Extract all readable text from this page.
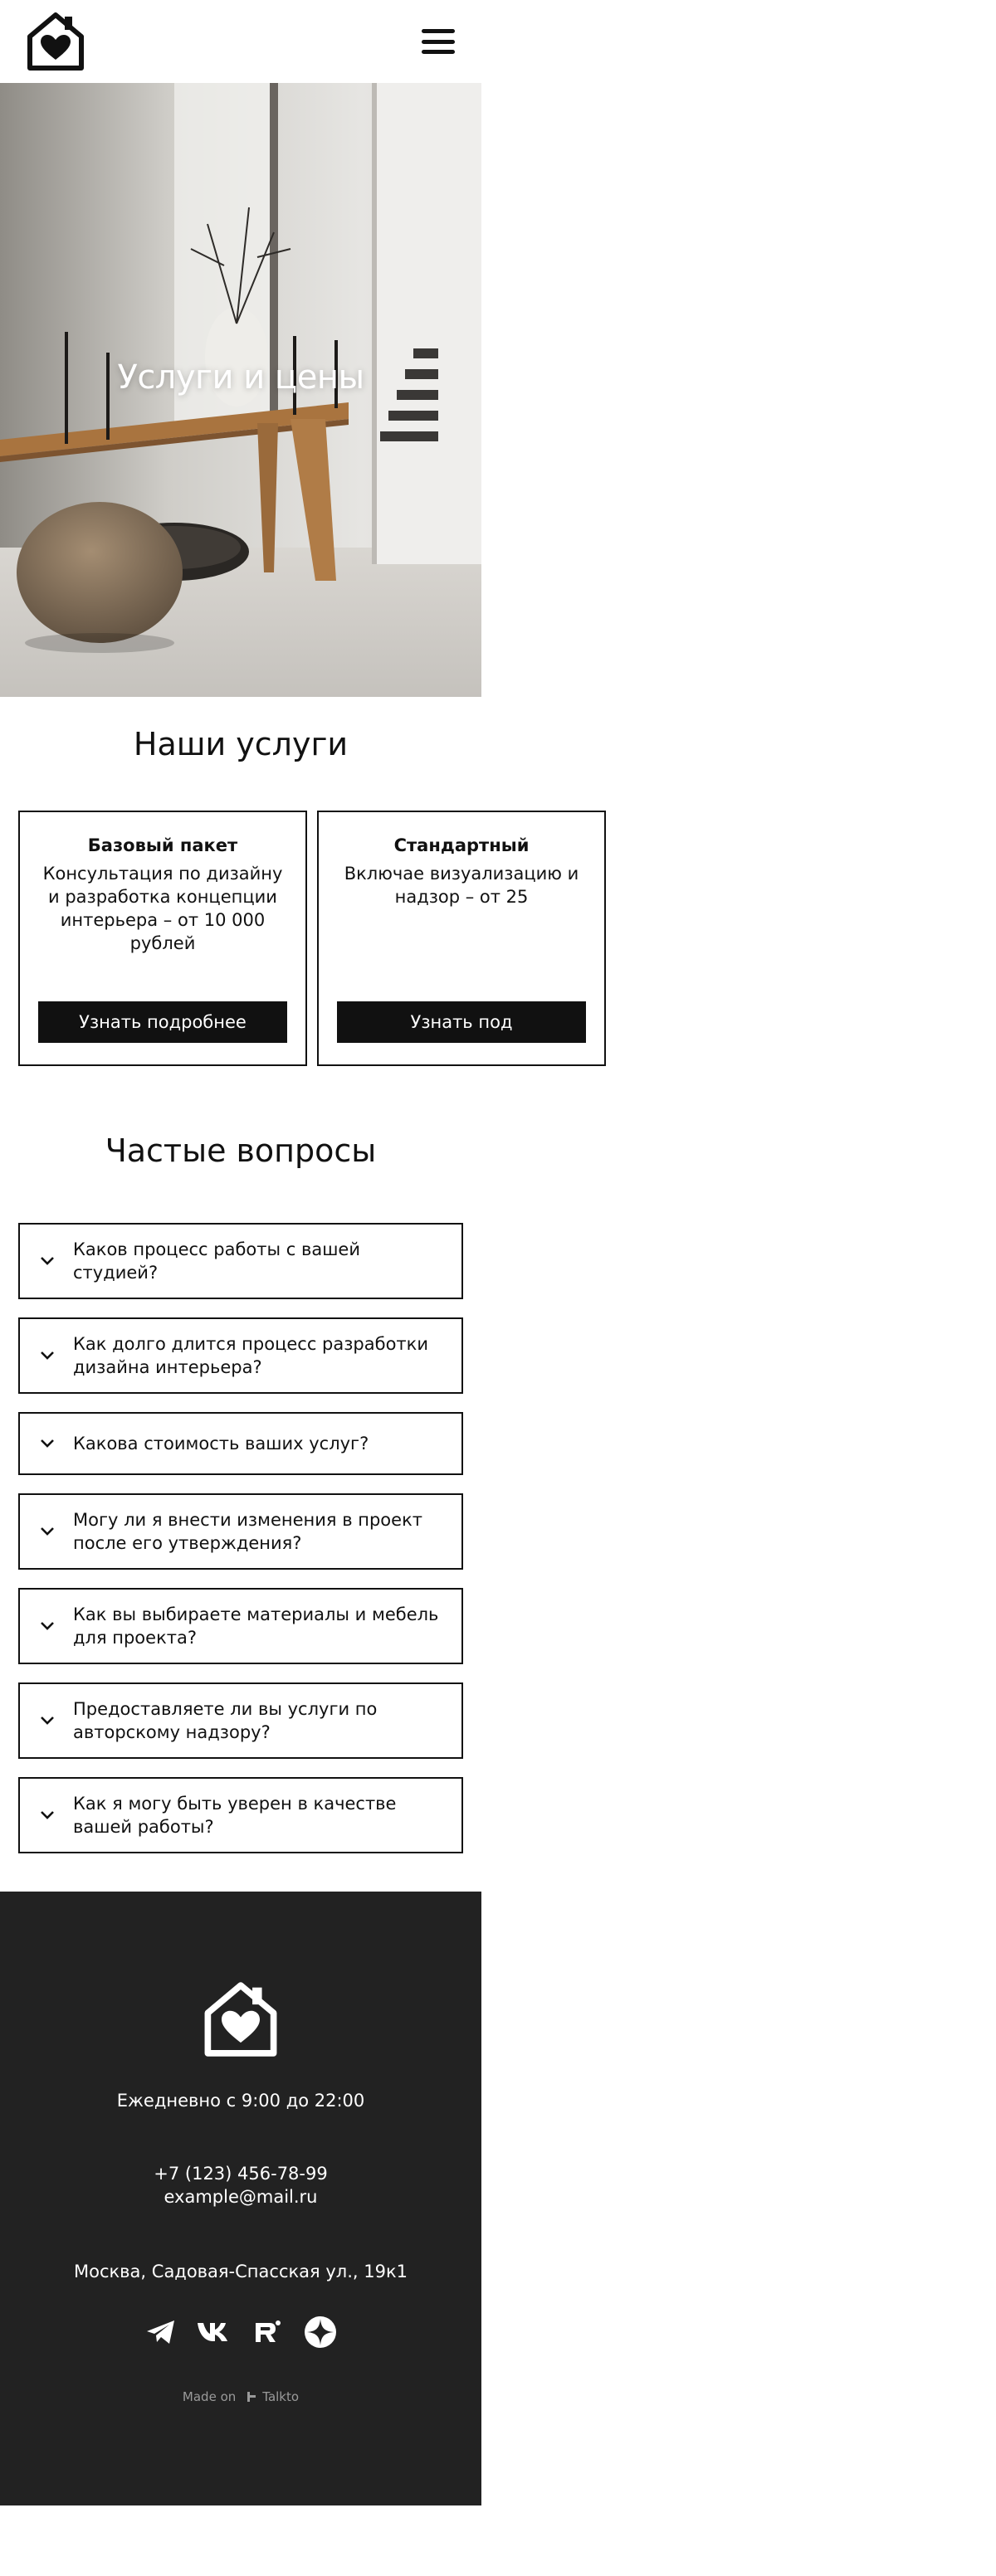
Услуги и цены
Наши услуги
Базовый пакет

Консультация по дизайну и разработка концепции интерьера – от 10 000 рублей

Узнать подробнее
Стандартный

Включае визуализацию и надзор – от 25

Узнать под
Частые вопросы
Каков процесс работы с вашей студией?
Как долго длится процесс разработки дизайна интерьера?
Какова стоимость ваших услуг?
Могу ли я внести изменения в проект после его утверждения?
Как вы выбираете материалы и мебель для проекта?
Предоставляете ли вы услуги по авторскому надзору?
Как я могу быть уверен в качестве вашей работы?
Ежедневно с 9:00 до 22:00
+7 (123) 456-78-99
example@mail.ru
Москва, Садовая-Спасская ул., 19к1
Made on Talkto
